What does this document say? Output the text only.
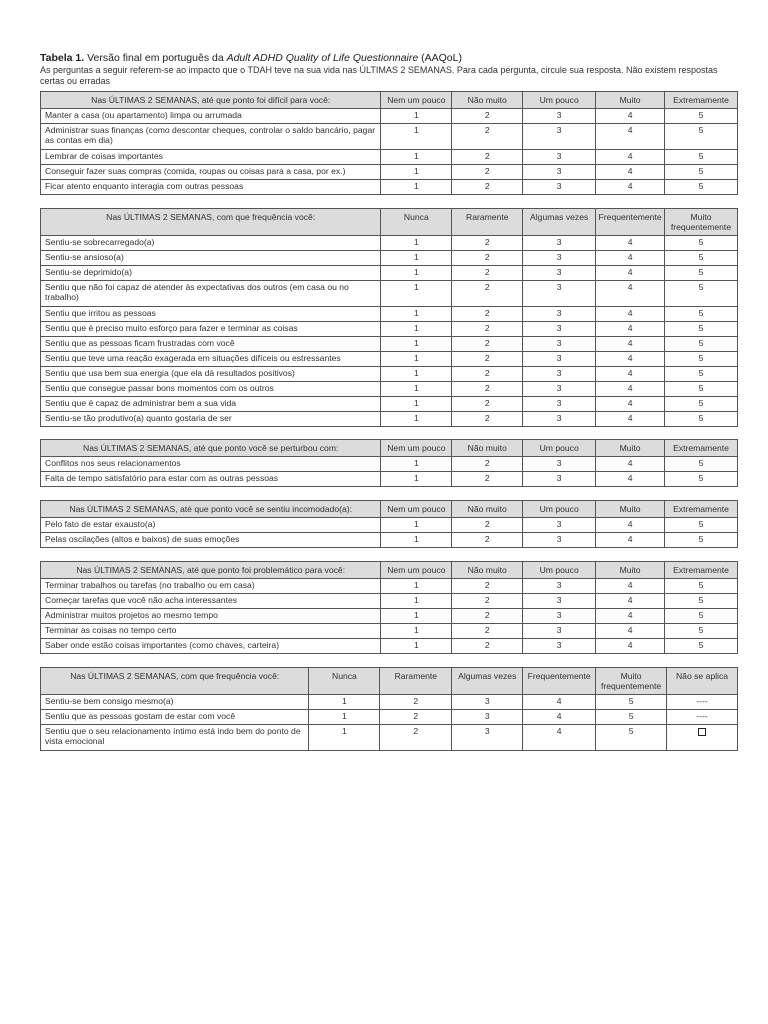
Tabela 1. Versão final em português da Adult ADHD Quality of Life Questionnaire (AAQoL)
As perguntas a seguir referem-se ao impacto que o TDAH teve na sua vida nas ÚLTIMAS 2 SEMANAS. Para cada pergunta, circule sua resposta. Não existem respostas certas ou erradas
Nas ÚLTIMAS 2 SEMANAS, até que ponto foi difícil para você:	Nem um pouco	Não muito	Um pouco	Muito	Extremamente
Manter a casa (ou apartamento) limpa ou arrumada	1	2	3	4	5
Administrar suas finanças (como descontar cheques, controlar o saldo bancário, pagar as contas em dia)	1	2	3	4	5
Lembrar de coisas importantes	1	2	3	4	5
Conseguir fazer suas compras (comida, roupas ou coisas para a casa, por ex.)	1	2	3	4	5
Ficar atento enquanto interagia com outras pessoas	1	2	3	4	5
Nas ÚLTIMAS 2 SEMANAS, com que frequência você:	Nunca	Raramente	Algumas vezes	Frequentemente	Muito frequentemente
Sentiu-se sobrecarregado(a)	1	2	3	4	5
Sentiu-se ansioso(a)	1	2	3	4	5
Sentiu-se deprimido(a)	1	2	3	4	5
Sentiu que não foi capaz de atender às expectativas dos outros (em casa ou no trabalho)	1	2	3	4	5
Sentiu que irritou as pessoas	1	2	3	4	5
Sentiu que é preciso muito esforço para fazer e terminar as coisas	1	2	3	4	5
Sentiu que as pessoas ficam frustradas com você	1	2	3	4	5
Sentiu que teve uma reação exagerada em situações difíceis ou estressantes	1	2	3	4	5
Sentiu que usa bem sua energia (que ela dá resultados positivos)	1	2	3	4	5
Sentiu que consegue passar bons momentos com os outros	1	2	3	4	5
Sentiu que é capaz de administrar bem a sua vida	1	2	3	4	5
Sentiu-se tão produtivo(a) quanto gostaria de ser	1	2	3	4	5
Nas ÚLTIMAS 2 SEMANAS, até que ponto você se perturbou com:	Nem um pouco	Não muito	Um pouco	Muito	Extremamente
Conflitos nos seus relacionamentos	1	2	3	4	5
Falta de tempo satisfatório para estar com as outras pessoas	1	2	3	4	5
Nas ÚLTIMAS 2 SEMANAS, até que ponto você se sentiu incomodado(a):	Nem um pouco	Não muito	Um pouco	Muito	Extremamente
Pelo fato de estar exausto(a)	1	2	3	4	5
Pelas oscilações (altos e baixos) de suas emoções	1	2	3	4	5
Nas ÚLTIMAS 2 SEMANAS, até que ponto foi problemático para você:	Nem um pouco	Não muito	Um pouco	Muito	Extremamente
Terminar trabalhos ou tarefas (no trabalho ou em casa)	1	2	3	4	5
Começar tarefas que você não acha interessantes	1	2	3	4	5
Administrar muitos projetos ao mesmo tempo	1	2	3	4	5
Terminar as coisas no tempo certo	1	2	3	4	5
Saber onde estão coisas importantes (como chaves, carteira)	1	2	3	4	5
Nas ÚLTIMAS 2 SEMANAS, com que frequência você:	Nunca	Raramente	Algumas vezes	Frequentemente	Muito frequentemente	Não se aplica
Sentiu-se bem consigo mesmo(a)	1	2	3	4	5	----
Sentiu que as pessoas gostam de estar com você	1	2	3	4	5	----
Sentiu que o seu relacionamento íntimo está indo bem do ponto de vista emocional	1	2	3	4	5	
